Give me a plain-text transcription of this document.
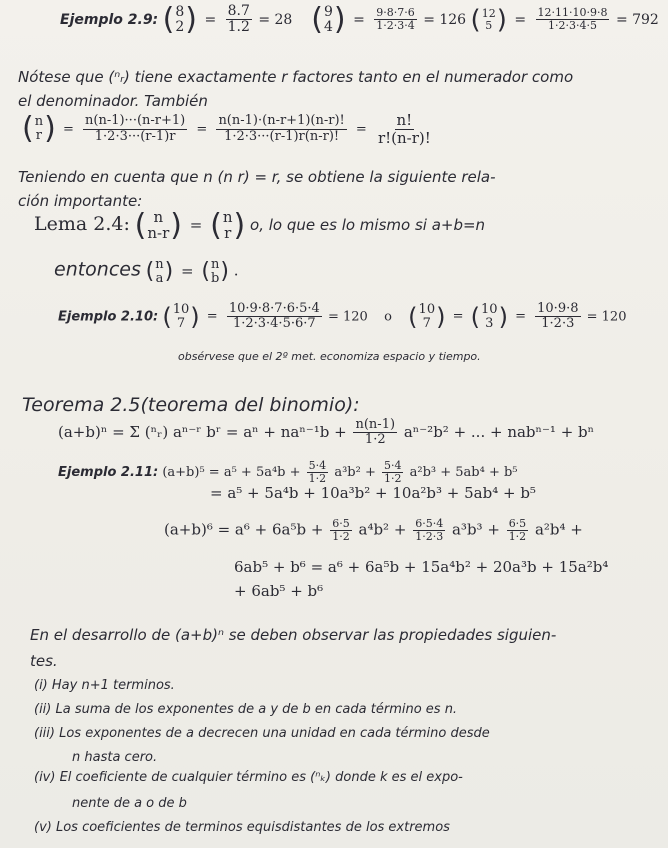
Ejemplo 2.9: ( 8
2 ) = $\frac{8.7}{1.2} = 28$ ( 9
4 ) = $\frac{9\cdot 8\cdot 7\cdot 6}{1\cdot 2\cdot 3\cdot 4} = 126$ ( 12
5 ) = $\frac{12\cdot 11\cdot 10\cdot 9\cdot 8}{1\cdot 2\cdot 3\cdot 4\cdot 5} = 792$
Nótese que (ⁿᵣ) tiene exactamente r factores tanto en el numerador como
el denominador. También
( n
r ) = $\frac{n(n-1)\cdot\cdot\cdot(n-r+1)}{1\cdot 2\cdot 3\cdot\cdot\cdot(r-1)r} = \frac{n(n-1)\cdot(n-r+1)(n-r)!}{1\cdot 2\cdot 3\cdot\cdot\cdot(r-1)r(n-r)!} = \frac{n!}{r!(n-r)!}$
Teniendo en cuenta que n (n r) = r, se obtiene la siguiente rela-
ción importante:
Lema 2.4: ( n
n-r ) = ( n
r ) o, lo que es lo mismo si a+b=n
entonces ( n
a ) = ( n
b ) .
Ejemplo 2.10: ( 10
7 ) = $\frac{10\cdot 9\cdot 8\cdot 7\cdot 6\cdot 5\cdot 4}{1\cdot 2\cdot 3\cdot 4\cdot 5\cdot 6\cdot 7} = 120$ o ( 10
7 ) = ( 10
3 ) = $\frac{10\cdot 9\cdot 8}{1\cdot 2\cdot 3} = 120$
obsérvese que el 2º met. economiza espacio y tiempo.
Teorema 2.5(teorema del binomio):
(a+b)ⁿ = Σ (ⁿᵣ) aⁿ⁻ʳ bʳ = $a^n + na^{n-1}b + \frac{n(n-1)}{1\cdot 2} a^{n-2}b^2$ + ... + nabⁿ⁻¹ + bⁿ
Ejemplo 2.11: $(a+b)^5 = a^5 + 5a^4b + \frac{5\cdot 4}{1\cdot 2} a^3b^2 + \frac{5\cdot 4}{1\cdot 2} a^2b^3 + 5ab^4 + b^5$
= a⁵ + 5a⁴b + 10a³b² + 10a²b³ + 5ab⁴ + b⁵
$(a+b)^6 = a^6 + 6a^5b + \frac{6\cdot 5}{1\cdot 2} a^4b^2 + \frac{6\cdot 5\cdot 4}{1\cdot 2\cdot 3} a^3b^3 + \frac{6\cdot 5}{1\cdot 2} a^2b^4$ +
6ab⁵ + b⁶ = a⁶ + 6a⁵b + 15a⁴b² + 20a³b + 15a²b⁴
+ 6ab⁵ + b⁶
En el desarrollo de (a+b)ⁿ se deben observar las propiedades siguien-
tes.
(i) Hay n+1 terminos.
(ii) La suma de los exponentes de a y de b en cada término es n.
(iii) Los exponentes de a decrecen una unidad en cada término desde
n hasta cero.
(iv) El coeficiente de cualquier término es (ⁿₖ) donde k es el expo-
nente de a o de b
(v) Los coeficientes de terminos equisdistantes de los extremos
